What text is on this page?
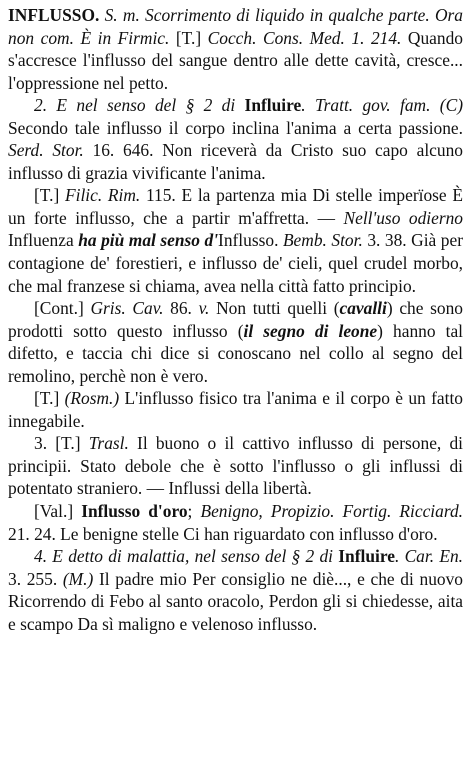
INFLUSSO. S. m. Scorrimento di liquido in qualche parte. Ora non com. È in Firmic. [T.] Cocch. Cons. Med. 1. 214. Quando s'accresce l'influsso del sangue dentro alle dette cavità, cresce... l'oppressione nel petto.

2. E nel senso del § 2 di Influire. Tratt. gov. fam. (C) Secondo tale influsso il corpo inclina l'anima a certa passione. Serd. Stor. 16. 646. Non riceverà da Cristo suo capo alcuno influsso di grazia vivificante l'anima.

[T.] Filic. Rim. 115. E la partenza mia Di stelle imperïose È un forte influsso, che a partir m'affretta. — Nell'uso odierno Influenza ha più mal senso d'Influsso. Bemb. Stor. 3. 38. Già per contagione de' forestieri, e influsso de' cieli, quel crudel morbo, che mal franzese si chiama, avea nella città fatto principio.

[Cont.] Gris. Cav. 86. v. Non tutti quelli (cavalli) che sono prodotti sotto questo influsso (il segno di leone) hanno tal difetto, e taccia chi dice si conoscano nel collo al segno del remolino, perchè non è vero.

[T.] (Rosm.) L'influsso fisico tra l'anima e il corpo è un fatto innegabile.

3. [T.] Trasl. Il buono o il cattivo influsso di persone, di principii. Stato debole che è sotto l'influsso o gli influssi di potentato straniero. — Influssi della libertà.

[Val.] Influsso d'oro; Benigno, Propizio. Fortig. Ricciard. 21. 24. Le benigne stelle Ci han riguardato con influsso d'oro.

4. E detto di malattia, nel senso del § 2 di Influire. Car. En. 3. 255. (M.) Il padre mio Per consiglio ne diè..., e che di nuovo Ricorrendo di Febo al santo oracolo, Perdon gli si chiedesse, aita e scampo Da sì maligno e velenoso influsso.
